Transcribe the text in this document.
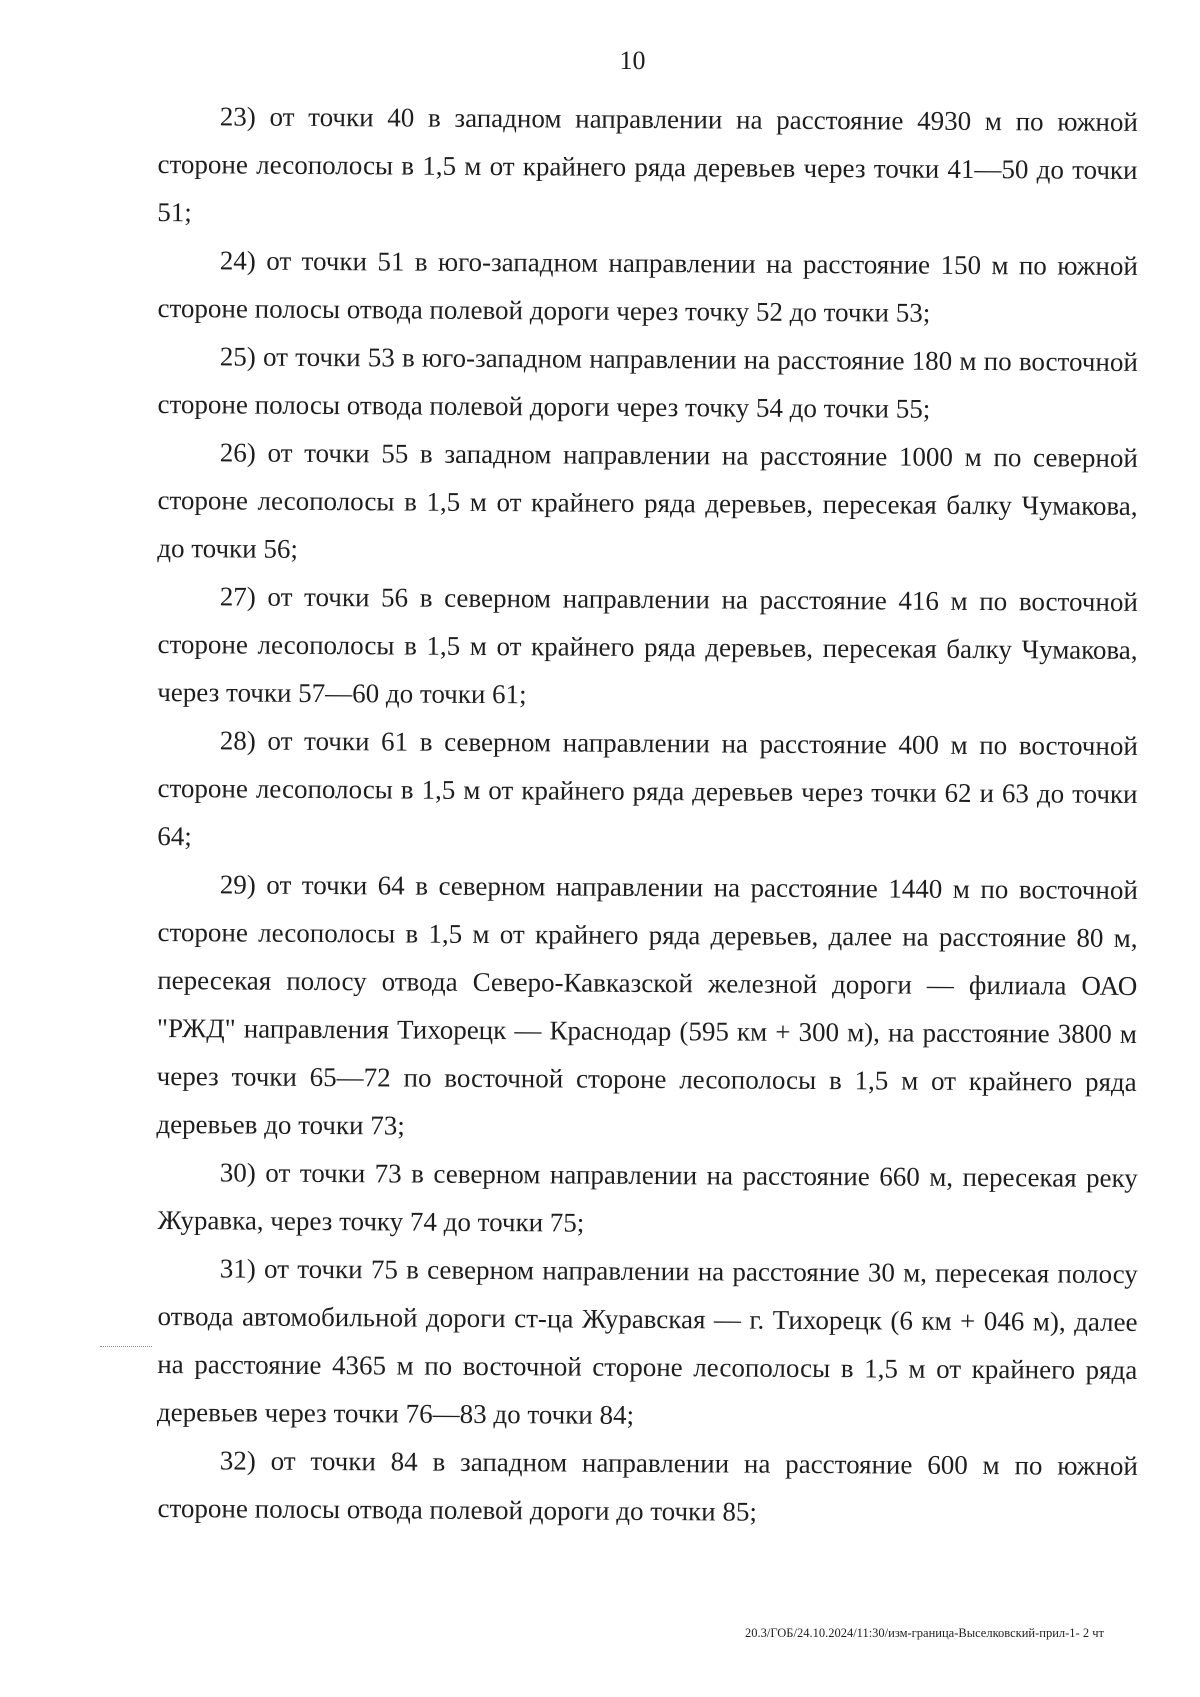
10

23) от точки 40 в западном направлении на расстояние 4930 м по южной стороне лесополосы в 1,5 м от крайнего ряда деревьев через точки 41—50 до точки 51;

24) от точки 51 в юго-западном направлении на расстояние 150 м по южной стороне полосы отвода полевой дороги через точку 52 до точки 53;

25) от точки 53 в юго-западном направлении на расстояние 180 м по восточной стороне полосы отвода полевой дороги через точку 54 до точки 55;

26) от точки 55 в западном направлении на расстояние 1000 м по северной стороне лесополосы в 1,5 м от крайнего ряда деревьев, пересекая балку Чумакова, до точки 56;

27) от точки 56 в северном направлении на расстояние 416 м по восточной стороне лесополосы в 1,5 м от крайнего ряда деревьев, пересекая балку Чумакова, через точки 57—60 до точки 61;

28) от точки 61 в северном направлении на расстояние 400 м по восточной стороне лесополосы в 1,5 м от крайнего ряда деревьев через точки 62 и 63 до точки 64;

29) от точки 64 в северном направлении на расстояние 1440 м по восточной стороне лесополосы в 1,5 м от крайнего ряда деревьев, далее на расстояние 80 м, пересекая полосу отвода Северо-Кавказской железной дороги — филиала ОАО "РЖД" направления Тихорецк — Краснодар (595 км + 300 м), на расстояние 3800 м через точки 65—72 по восточной стороне лесополосы в 1,5 м от крайнего ряда деревьев до точки 73;

30) от точки 73 в северном направлении на расстояние 660 м, пересекая реку Журавка, через точку 74 до точки 75;

31) от точки 75 в северном направлении на расстояние 30 м, пересекая полосу отвода автомобильной дороги ст-ца Журавская — г. Тихорецк (6 км + 046 м), далее на расстояние 4365 м по восточной стороне лесополосы в 1,5 м от крайнего ряда деревьев через точки 76—83 до точки 84;

32) от точки 84 в западном направлении на расстояние 600 м по южной стороне полосы отвода полевой дороги до точки 85;

20.3/ГОБ/24.10.2024/11:30/изм-граница-Выселковский-прил-1- 2 чт
